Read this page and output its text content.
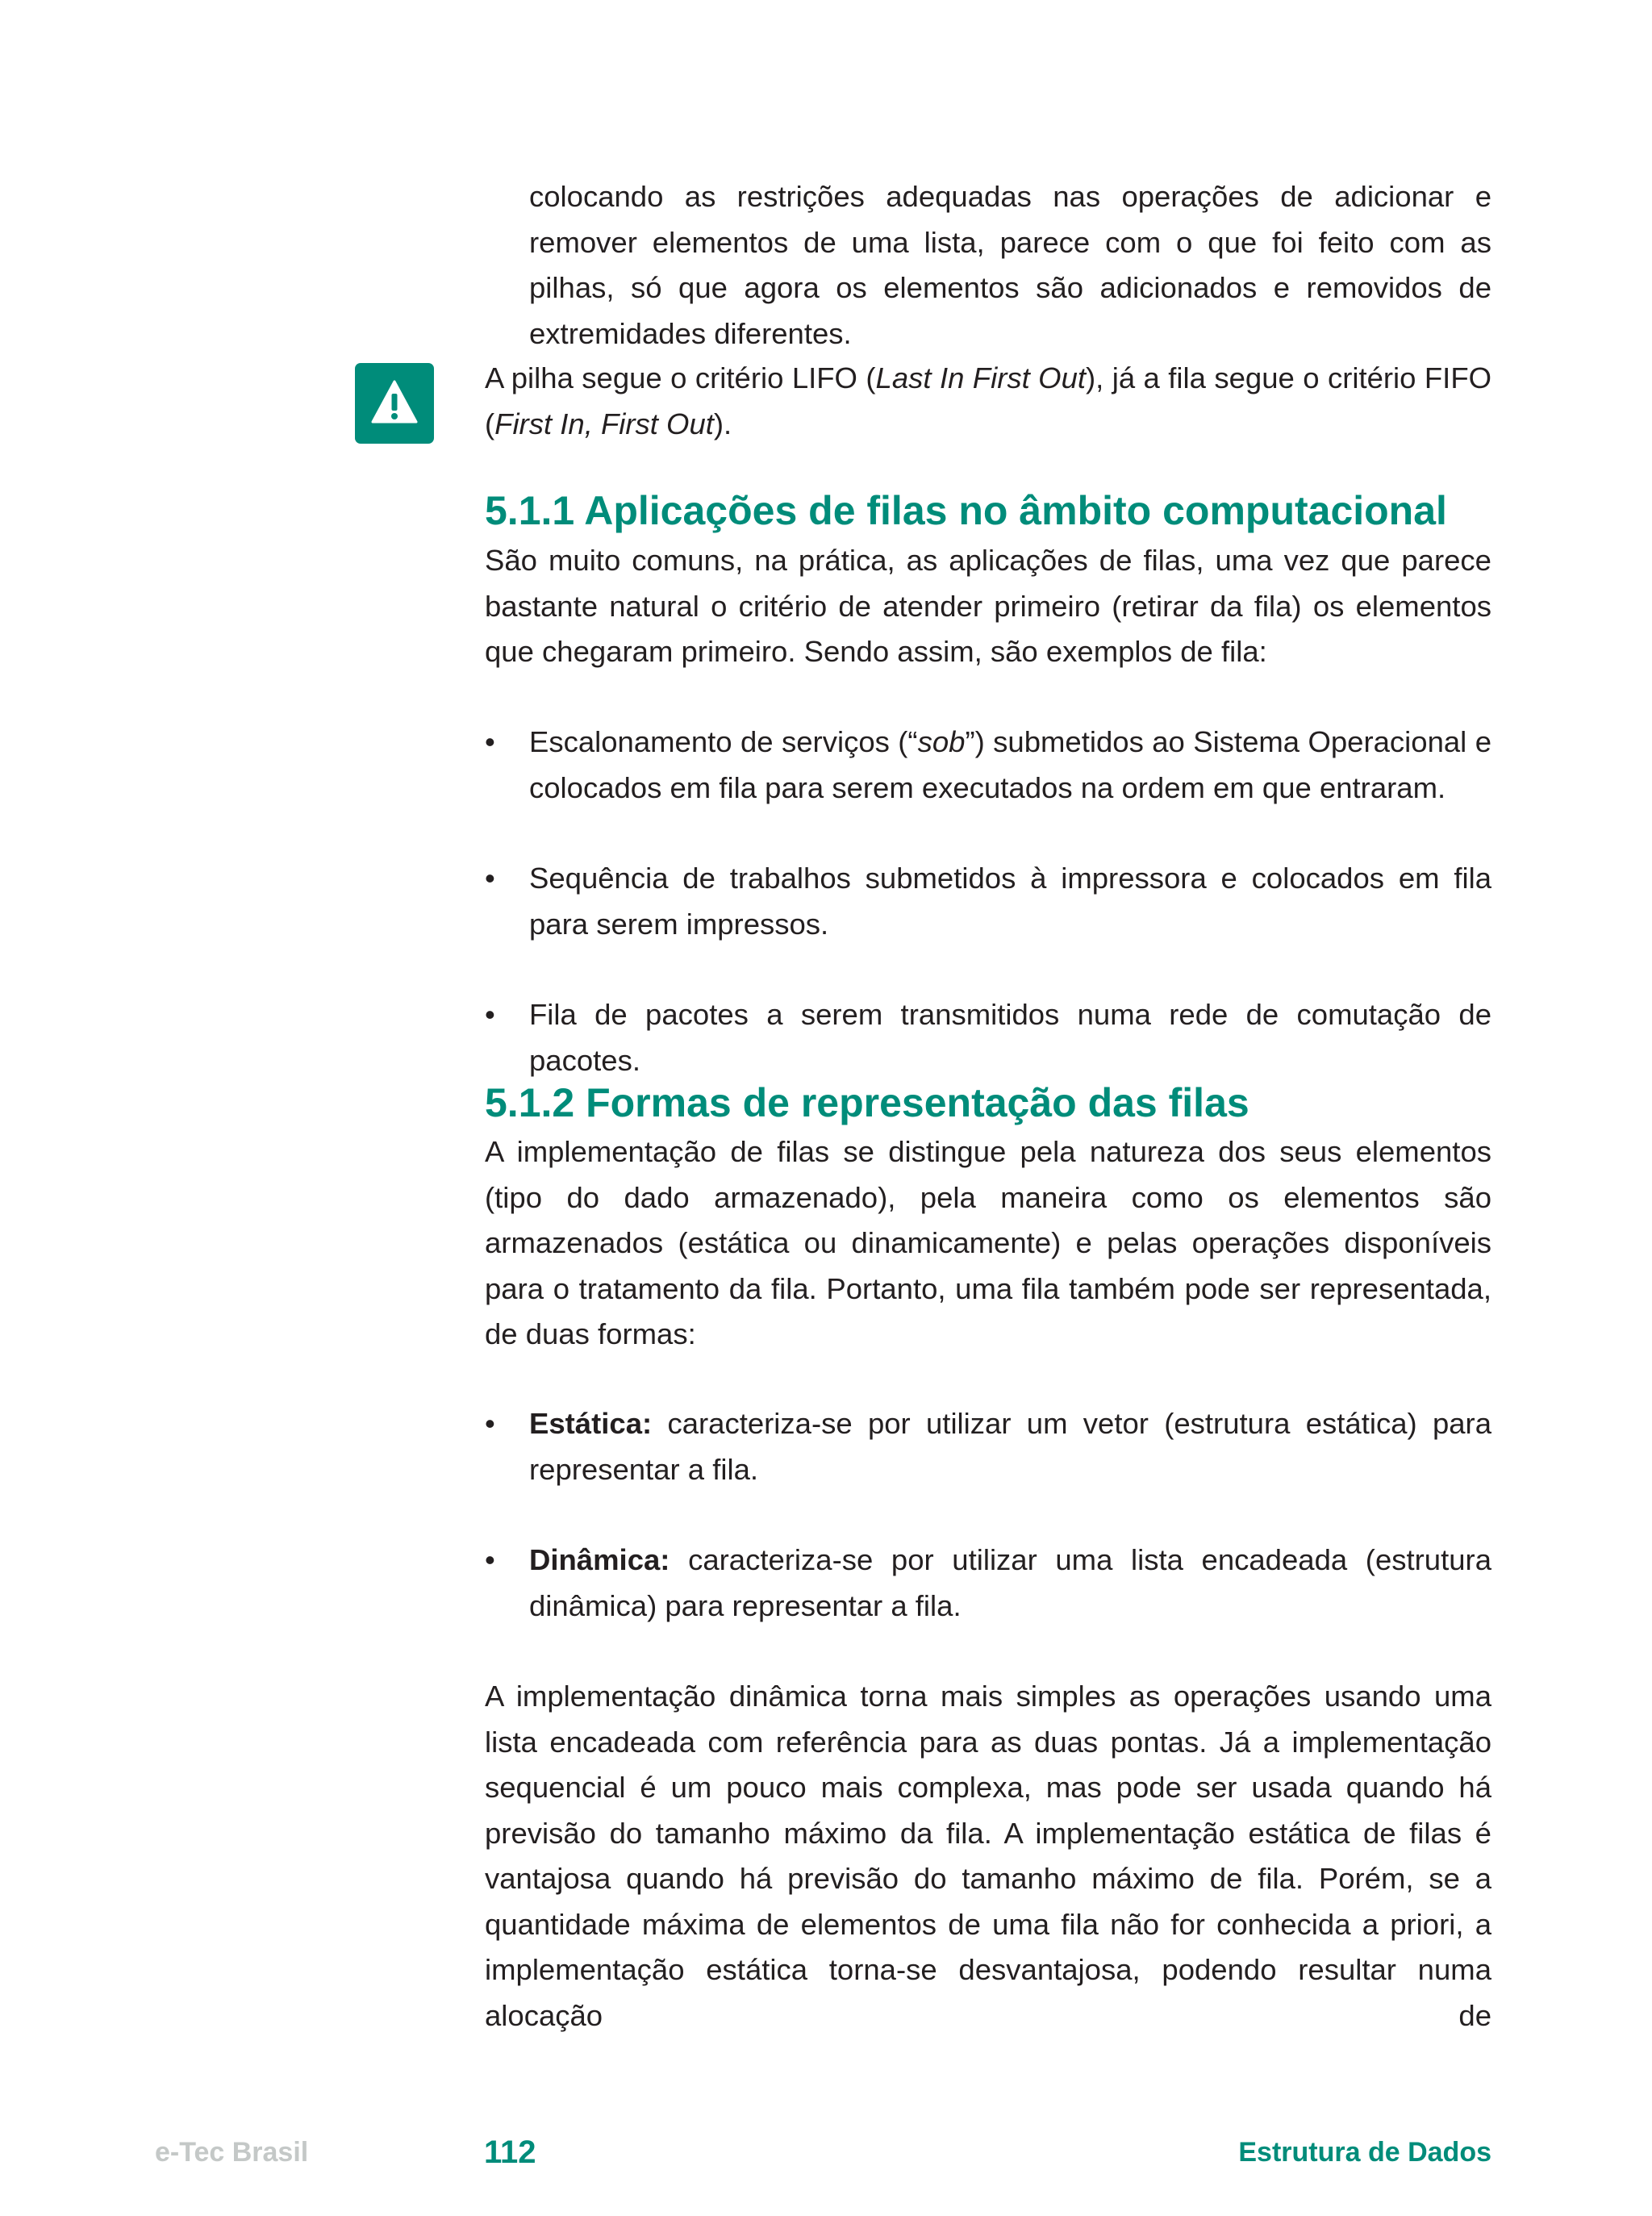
colocando as restrições adequadas nas operações de adicionar e remover elementos de uma lista, parece com o que foi feito com as pilhas, só que agora os elementos são adicionados e removidos de extremidades diferentes.

A pilha segue o critério LIFO (Last In First Out), já a fila segue o critério FIFO (First In, First Out).

5.1.1 Aplicações de filas no âmbito computacional

São muito comuns, na prática, as aplicações de filas, uma vez que parece bastante natural o critério de atender primeiro (retirar da fila) os elementos que chegaram primeiro. Sendo assim, são exemplos de fila:

• Escalonamento de serviços (“sob”) submetidos ao Sistema Operacional e colocados em fila para serem executados na ordem em que entraram.

• Sequência de trabalhos submetidos à impressora e colocados em fila para serem impressos.

• Fila de pacotes a serem transmitidos numa rede de comutação de pacotes.

5.1.2 Formas de representação das filas

A implementação de filas se distingue pela natureza dos seus elementos (tipo do dado armazenado), pela maneira como os elementos são armazenados (estática ou dinamicamente) e pelas operações disponíveis para o tratamento da fila. Portanto, uma fila também pode ser representada, de duas formas:

• Estática: caracteriza-se por utilizar um vetor (estrutura estática) para representar a fila.

• Dinâmica: caracteriza-se por utilizar uma lista encadeada (estrutura dinâmica) para representar a fila.

A implementação dinâmica torna mais simples as operações usando uma lista encadeada com referência para as duas pontas. Já a implementação sequencial é um pouco mais complexa, mas pode ser usada quando há previsão do tamanho máximo da fila. A implementação estática de filas é vantajosa quando há previsão do tamanho máximo de fila. Porém, se a quantidade máxima de elementos de uma fila não for conhecida a priori, a implementação estática torna-se desvantajosa, podendo resultar numa alocação de

e-Tec Brasil	112	Estrutura de Dados
